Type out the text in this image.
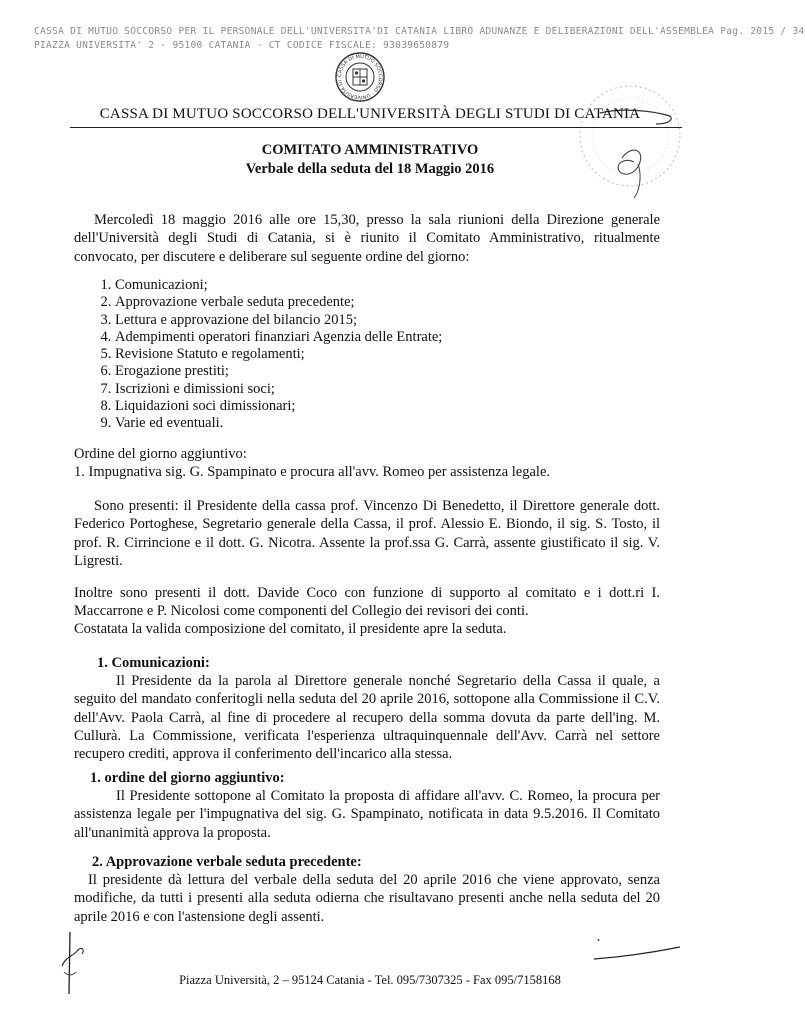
CASSA DI MUTUO SOCCORSO PER IL PERSONALE DELL'UNIVERSITA'DI CATANIA LIBRO ADUNANZE E DELIBERAZIONI DELL'ASSEMBLEA Pag. 2015 / 34
PIAZZA UNIVERSITA' 2 - 95100 CATANIA - CT CODICE FISCALE: 93039650879
CASSA DI MUTUO SOCCORSO · UNIVERSITÀ DI
CASSA DI MUTUO SOCCORSO DELL'UNIVERSITÀ DEGLI STUDI DI CATANIA
COMITATO AMMINISTRATIVO
Verbale della seduta del 18 Maggio 2016
Mercoledì 18 maggio 2016 alle ore 15,30, presso la sala riunioni della Direzione generale dell'Università degli Studi di Catania, si è riunito il Comitato Amministrativo, ritualmente convocato, per discutere e deliberare sul seguente ordine del giorno:
1. Comunicazioni;
2. Approvazione verbale seduta precedente;
3. Lettura e approvazione del bilancio 2015;
4. Adempimenti operatori finanziari Agenzia delle Entrate;
5. Revisione Statuto e regolamenti;
6. Erogazione prestiti;
7. Iscrizioni e dimissioni soci;
8. Liquidazioni soci dimissionari;
9. Varie ed eventuali.
Ordine del giorno aggiuntivo:
1. Impugnativa sig. G. Spampinato e procura all'avv. Romeo per assistenza legale.
Sono presenti: il Presidente della cassa prof. Vincenzo Di Benedetto, il Direttore generale dott. Federico Portoghese, Segretario generale della Cassa, il prof. Alessio E. Biondo, il sig. S. Tosto, il prof. R. Cirrincione e il dott. G. Nicotra. Assente la prof.ssa G. Carrà, assente giustificato il sig. V. Ligresti.
Inoltre sono presenti il dott. Davide Coco con funzione di supporto al comitato e i dott.ri I. Maccarrone e P. Nicolosi come componenti del Collegio dei revisori dei conti.
Costatata la valida composizione del comitato, il presidente apre la seduta.
1. Comunicazioni:
Il Presidente da la parola al Direttore generale nonché Segretario della Cassa il quale, a seguito del mandato conferitogli nella seduta del 20 aprile 2016, sottopone alla Commissione il C.V. dell'Avv. Paola Carrà, al fine di procedere al recupero della somma dovuta da parte dell'ing. M. Cullurà. La Commissione, verificata l'esperienza ultraquinquennale dell'Avv. Carrà nel settore recupero crediti, approva il conferimento dell'incarico alla stessa.
1. ordine del giorno aggiuntivo:
Il Presidente sottopone al Comitato la proposta di affidare all'avv. C. Romeo, la procura per assistenza legale per l'impugnativa del sig. G. Spampinato, notificata in data 9.5.2016. Il Comitato all'unanimità approva la proposta.
2. Approvazione verbale seduta precedente:
Il presidente dà lettura del verbale della seduta del 20 aprile 2016 che viene approvato, senza modifiche, da tutti i presenti alla seduta odierna che risultavano presenti anche nella seduta del 20 aprile 2016 e con l'astensione degli assenti.
Piazza Università, 2 – 95124 Catania - Tel. 095/7307325 - Fax 095/7158168
